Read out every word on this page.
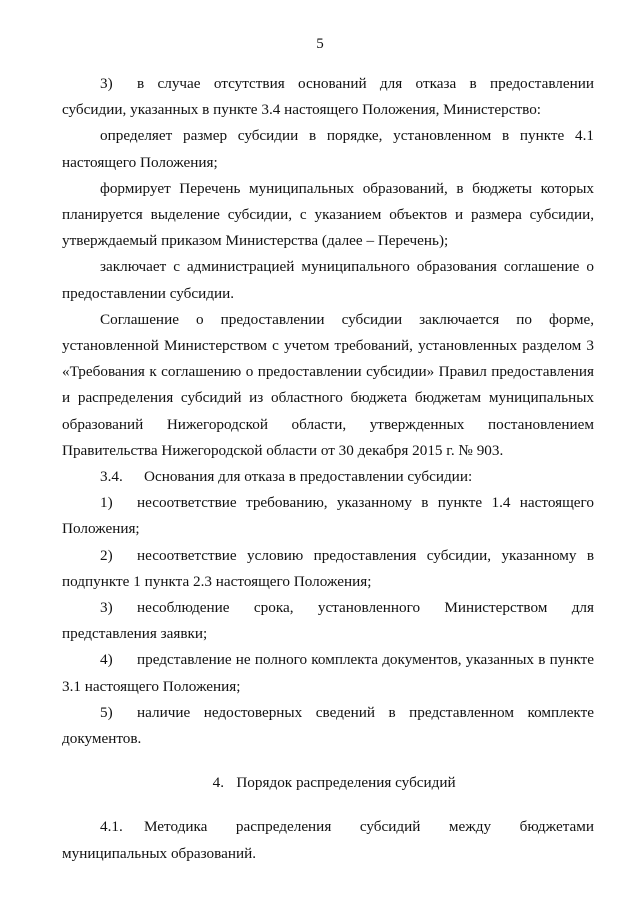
5

3) в случае отсутствия оснований для отказа в предоставлении субсидии, указанных в пункте 3.4 настоящего Положения, Министерство:

определяет размер субсидии в порядке, установленном в пункте 4.1 настоящего Положения;

формирует Перечень муниципальных образований, в бюджеты которых планируется выделение субсидии, с указанием объектов и размера субсидии, утверждаемый приказом Министерства (далее – Перечень);

заключает с администрацией муниципального образования соглашение о предоставлении субсидии.

Соглашение о предоставлении субсидии заключается по форме, установленной Министерством с учетом требований, установленных разделом 3 «Требования к соглашению о предоставлении субсидии» Правил предоставления и распределения субсидий из областного бюджета бюджетам муниципальных образований Нижегородской области, утвержденных постановлением Правительства Нижегородской области от 30 декабря 2015 г. № 903.

3.4. Основания для отказа в предоставлении субсидии:

1) несоответствие требованию, указанному в пункте 1.4 настоящего Положения;

2) несоответствие условию предоставления субсидии, указанному в подпункте 1 пункта 2.3 настоящего Положения;

3) несоблюдение срока, установленного Министерством для представления заявки;

4) представление не полного комплекта документов, указанных в пункте 3.1 настоящего Положения;

5) наличие недостоверных сведений в представленном комплекте документов.

4. Порядок распределения субсидий

4.1. Методика распределения субсидий между бюджетами муниципальных образований.
